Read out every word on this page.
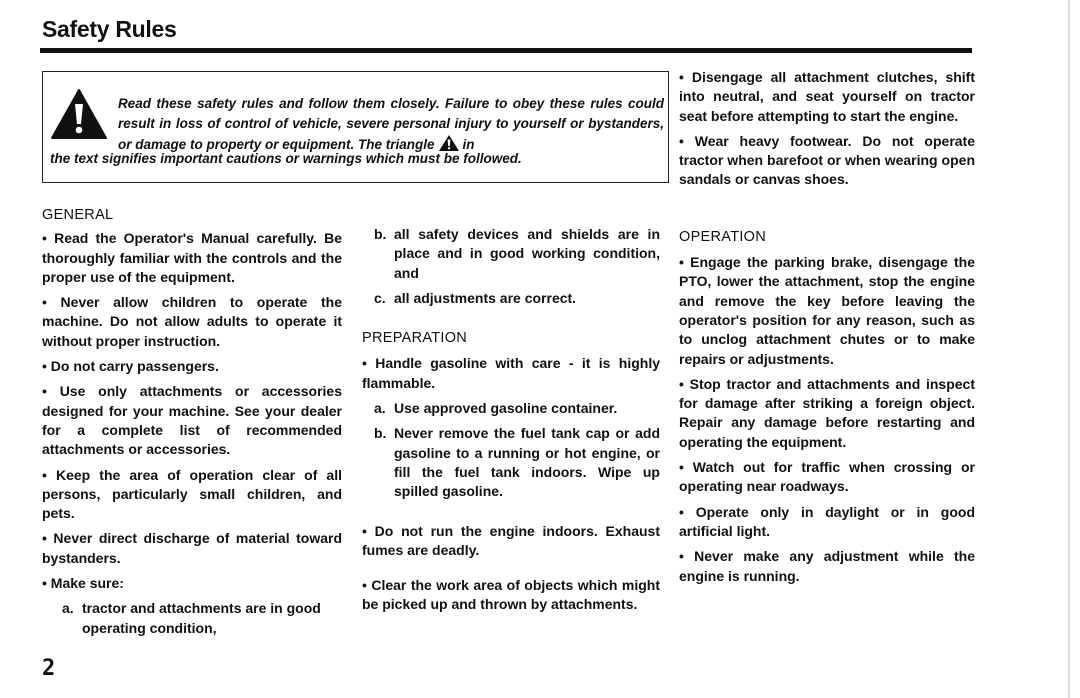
Safety Rules
Read these safety rules and follow them closely. Failure to obey these rules could result in loss of control of vehicle, severe personal injury to yourself or bystanders, or damage to property or equipment. The triangle in
the text signifies important cautions or warnings which must be followed.

GENERAL

• Read the Operator's Manual carefully. Be thoroughly familiar with the controls and the proper use of the equipment.

• Never allow children to operate the machine. Do not allow adults to operate it without proper instruction.

• Do not carry passengers.

• Use only attachments or accessories designed for your machine. See your dealer for a complete list of recommended attachments or accessories.

• Keep the area of operation clear of all persons, particularly small children, and pets.

• Never direct discharge of material toward bystanders.

• Make sure:

a. tractor and attachments are in good operating condition,
b. all safety devices and shields are in place and in good working condition, and
c. all adjustments are correct.

PREPARATION

• Handle gasoline with care - it is highly flammable.

a. Use approved gasoline container.
b. Never remove the fuel tank cap or add gasoline to a running or hot engine, or fill the fuel tank indoors. Wipe up spilled gasoline.

• Do not run the engine indoors. Exhaust fumes are deadly.

• Clear the work area of objects which might be picked up and thrown by attachments.

• Disengage all attachment clutches, shift into neutral, and seat yourself on tractor seat before attempting to start the engine.

• Wear heavy footwear. Do not operate tractor when barefoot or when wearing open sandals or canvas shoes.

OPERATION

• Engage the parking brake, disengage the PTO, lower the attachment, stop the engine and remove the key before leaving the operator's position for any reason, such as to unclog attachment chutes or to make repairs or adjustments.

• Stop tractor and attachments and inspect for damage after striking a foreign object. Repair any damage before restarting and operating the equipment.

• Watch out for traffic when crossing or operating near roadways.

• Operate only in daylight or in good artificial light.

• Never make any adjustment while the engine is running.

2
